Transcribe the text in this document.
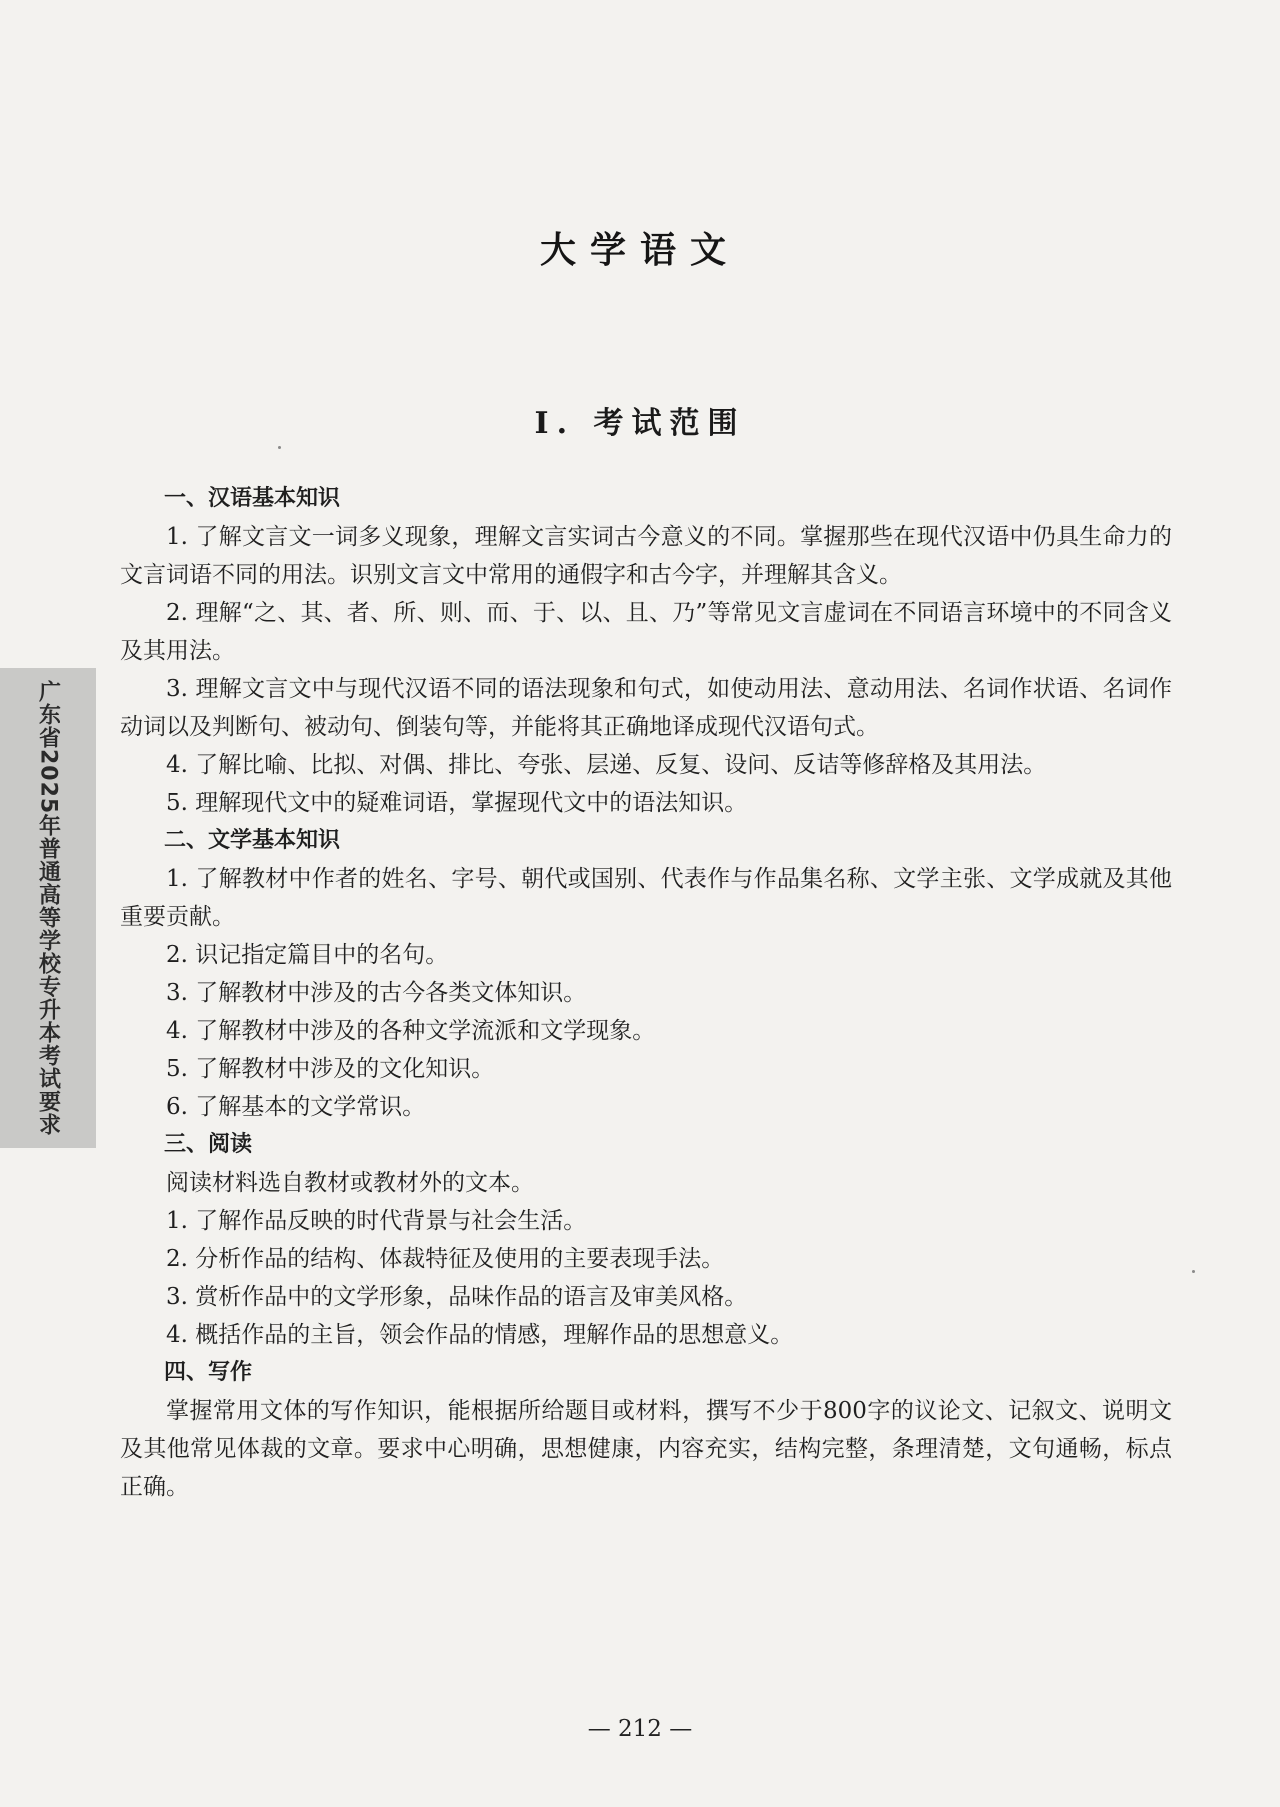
广东省2025年普通高等学校专升本考试要求
大学语文
Ⅰ. 考试范围

一、汉语基本知识

1. 了解文言文一词多义现象，理解文言实词古今意义的不同。掌握那些在现代汉语中仍具生命力的文言词语不同的用法。识别文言文中常用的通假字和古今字，并理解其含义。

2. 理解“之、其、者、所、则、而、于、以、且、乃”等常见文言虚词在不同语言环境中的不同含义及其用法。

3. 理解文言文中与现代汉语不同的语法现象和句式，如使动用法、意动用法、名词作状语、名词作动词以及判断句、被动句、倒装句等，并能将其正确地译成现代汉语句式。

4. 了解比喻、比拟、对偶、排比、夸张、层递、反复、设问、反诘等修辞格及其用法。

5. 理解现代文中的疑难词语，掌握现代文中的语法知识。

二、文学基本知识

1. 了解教材中作者的姓名、字号、朝代或国别、代表作与作品集名称、文学主张、文学成就及其他重要贡献。

2. 识记指定篇目中的名句。

3. 了解教材中涉及的古今各类文体知识。

4. 了解教材中涉及的各种文学流派和文学现象。

5. 了解教材中涉及的文化知识。

6. 了解基本的文学常识。

三、阅读

阅读材料选自教材或教材外的文本。

1. 了解作品反映的时代背景与社会生活。

2. 分析作品的结构、体裁特征及使用的主要表现手法。

3. 赏析作品中的文学形象，品味作品的语言及审美风格。

4. 概括作品的主旨，领会作品的情感，理解作品的思想意义。

四、写作

掌握常用文体的写作知识，能根据所给题目或材料，撰写不少于800字的议论文、记叙文、说明文及其他常见体裁的文章。要求中心明确，思想健康，内容充实，结构完整，条理清楚，文句通畅，标点正确。

— 212 —
